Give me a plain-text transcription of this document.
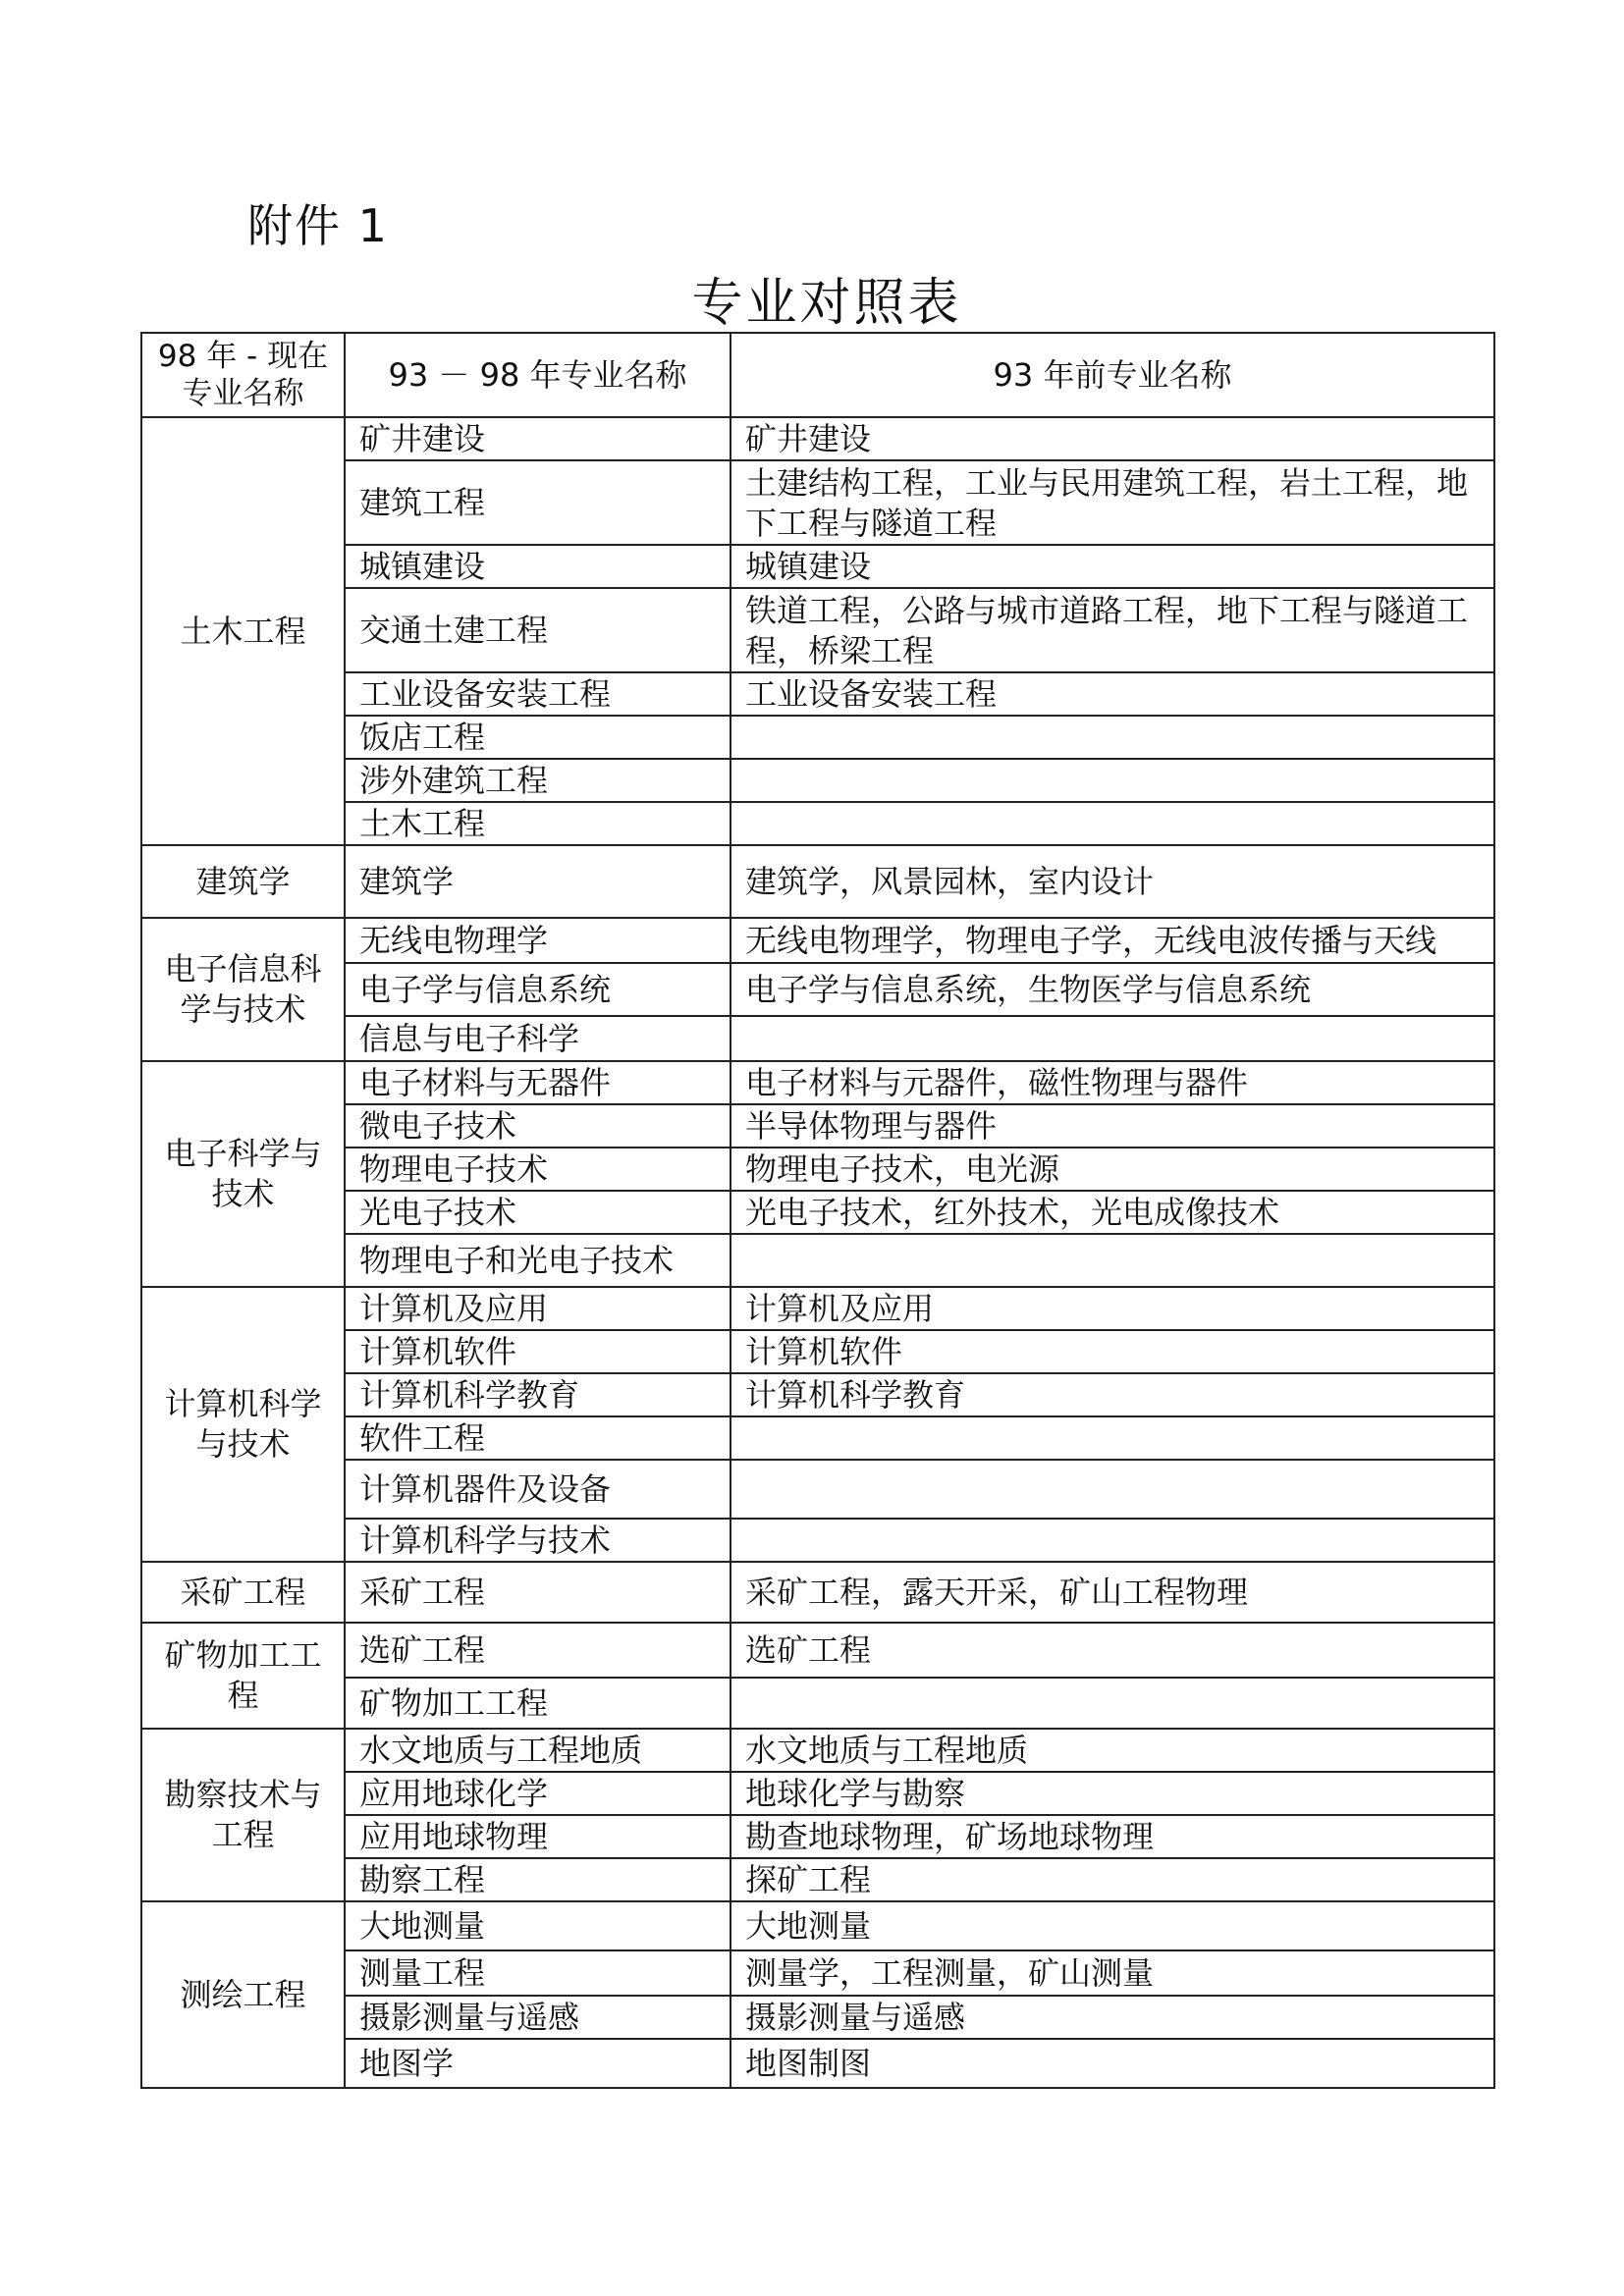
附件 1
专业对照表
98 年 - 现在专业名称	93 － 98 年专业名称	93 年前专业名称
土木工程	矿井建设	矿井建设
	建筑工程	土建结构工程，工业与民用建筑工程，岩土工程，地下工程与隧道工程
	城镇建设	城镇建设
	交通土建工程	铁道工程，公路与城市道路工程，地下工程与隧道工程，桥梁工程
	工业设备安装工程	工业设备安装工程
	饭店工程	
	涉外建筑工程	
	土木工程	
建筑学	建筑学	建筑学，风景园林，室内设计
电子信息科学与技术	无线电物理学	无线电物理学，物理电子学，无线电波传播与天线
	电子学与信息系统	电子学与信息系统，生物医学与信息系统
	信息与电子科学	
电子科学与技术	电子材料与无器件	电子材料与元器件，磁性物理与器件
	微电子技术	半导体物理与器件
	物理电子技术	物理电子技术，电光源
	光电子技术	光电子技术，红外技术，光电成像技术
	物理电子和光电子技术	
计算机科学与技术	计算机及应用	计算机及应用
	计算机软件	计算机软件
	计算机科学教育	计算机科学教育
	软件工程	
	计算机器件及设备	
	计算机科学与技术	
采矿工程	采矿工程	采矿工程，露天开采，矿山工程物理
矿物加工工程	选矿工程	选矿工程
	矿物加工工程	
勘察技术与工程	水文地质与工程地质	水文地质与工程地质
	应用地球化学	地球化学与勘察
	应用地球物理	勘查地球物理，矿场地球物理
	勘察工程	探矿工程
测绘工程	大地测量	大地测量
	测量工程	测量学，工程测量，矿山测量
	摄影测量与遥感	摄影测量与遥感
	地图学	地图制图
